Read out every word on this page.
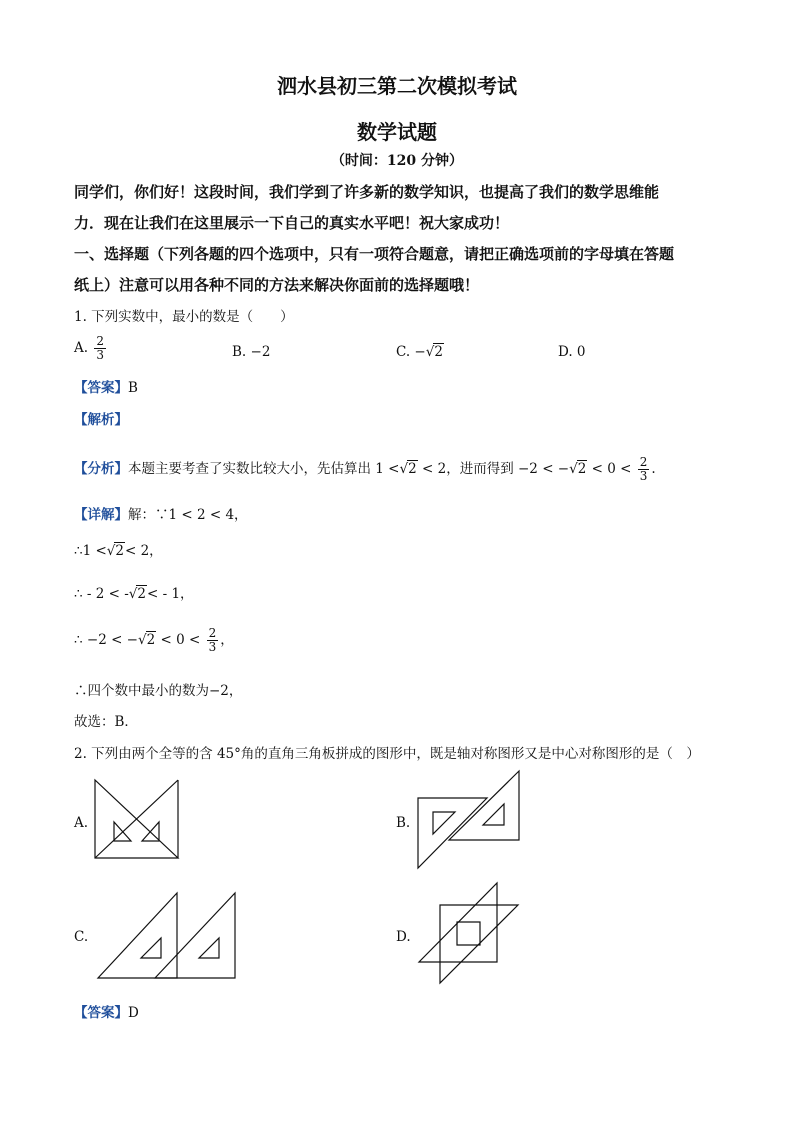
泗水县初三第二次模拟考试
数学试题
（时间：120 分钟）
同学们，你们好！这段时间，我们学到了许多新的数学知识，也提高了我们的数学思维能
力．现在让我们在这里展示一下自己的真实水平吧！祝大家成功！
一、选择题（下列各题的四个选项中，只有一项符合题意，请把正确选项前的字母填在答题
纸上）注意可以用各种不同的方法来解决你面前的选择题哦！
1. 下列实数中，最小的数是（　　）
A. $\frac{2}{3}$	B. −2	C. −√2	D. 0
【答案】B
【解析】
【分析】本题主要考查了实数比较大小，先估算出 1 <√2 < 2，进而得到 $-2 < -√2 < 0 < \frac{2}{3}$ .
【详解】解：∵1 < 2 < 4，
∴1 <√2< 2，
∴ - 2 < -√2< - 1，
∴ $-2 < -√2 < 0 < \frac{2}{3}$ ，
∴四个数中最小的数为−2，
故选：B．
2. 下列由两个全等的含 45°角的直角三角板拼成的图形中，既是轴对称图形又是中心对称图形的是（　）
A.	B.
C.	D.
【答案】D
